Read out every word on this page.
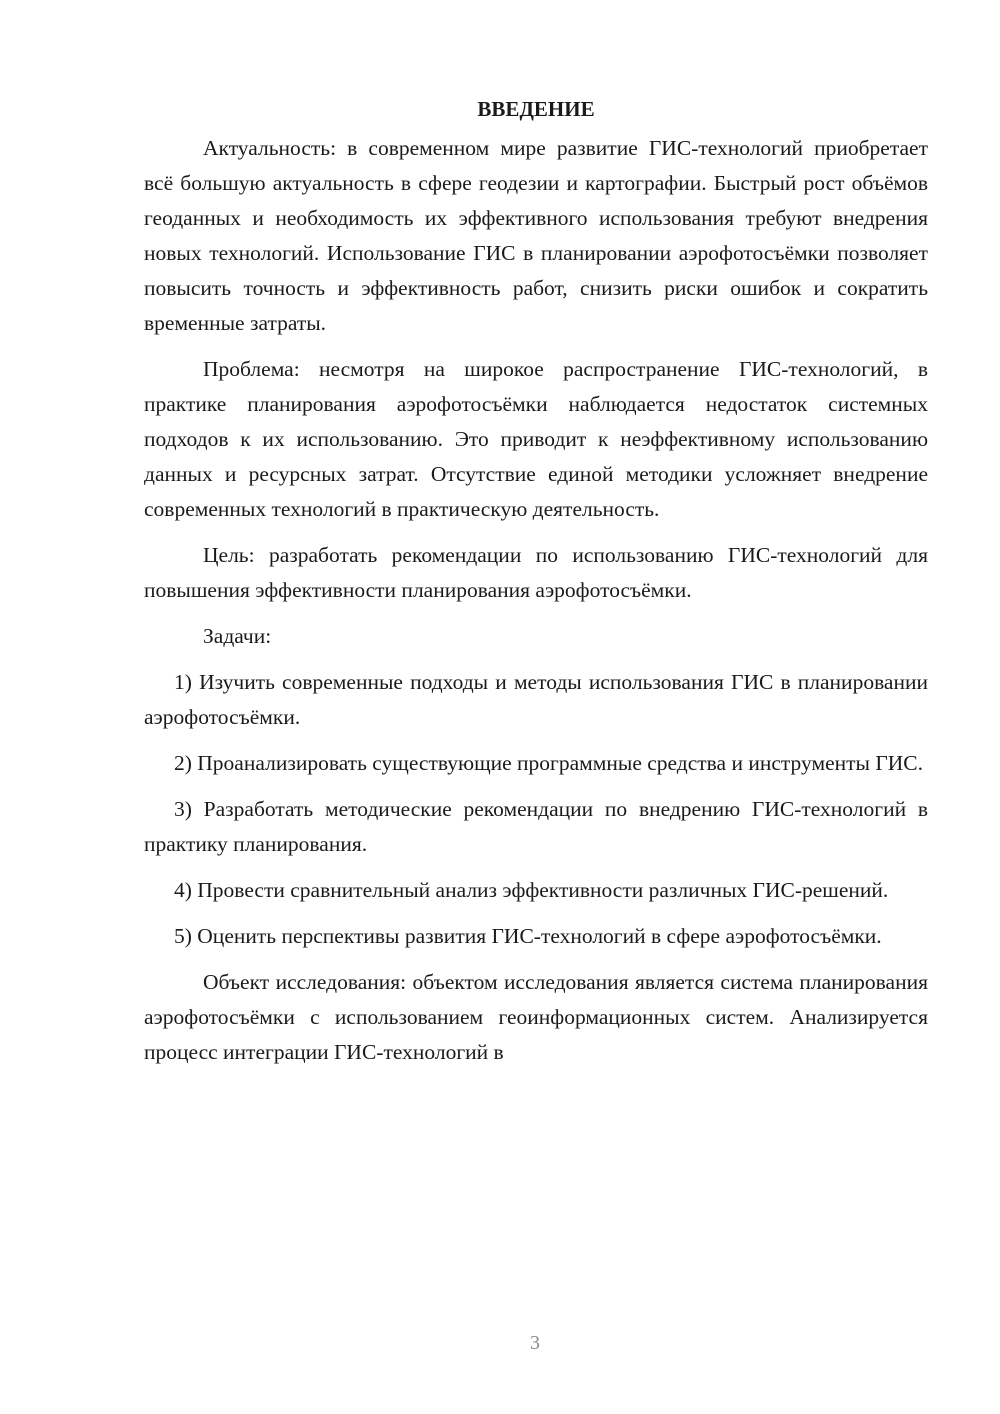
ВВЕДЕНИЕ

Актуальность: в современном мире развитие ГИС-технологий приобретает всё большую актуальность в сфере геодезии и картографии. Быстрый рост объёмов геоданных и необходимость их эффективного использования требуют внедрения новых технологий. Использование ГИС в планировании аэрофотосъёмки позволяет повысить точность и эффективность работ, снизить риски ошибок и сократить временные затраты.

Проблема: несмотря на широкое распространение ГИС-технологий, в практике планирования аэрофотосъёмки наблюдается недостаток системных подходов к их использованию. Это приводит к неэффективному использованию данных и ресурсных затрат. Отсутствие единой методики усложняет внедрение современных технологий в практическую деятельность.

Цель: разработать рекомендации по использованию ГИС-технологий для повышения эффективности планирования аэрофотосъёмки.

Задачи:

1) Изучить современные подходы и методы использования ГИС в планировании аэрофотосъёмки.

2) Проанализировать существующие программные средства и инструменты ГИС.

3) Разработать методические рекомендации по внедрению ГИС-технологий в практику планирования.

4) Провести сравнительный анализ эффективности различных ГИС-решений.

5) Оценить перспективы развития ГИС-технологий в сфере аэрофотосъёмки.

Объект исследования: объектом исследования является система планирования аэрофотосъёмки с использованием геоинформационных систем. Анализируется процесс интеграции ГИС-технологий в

3
